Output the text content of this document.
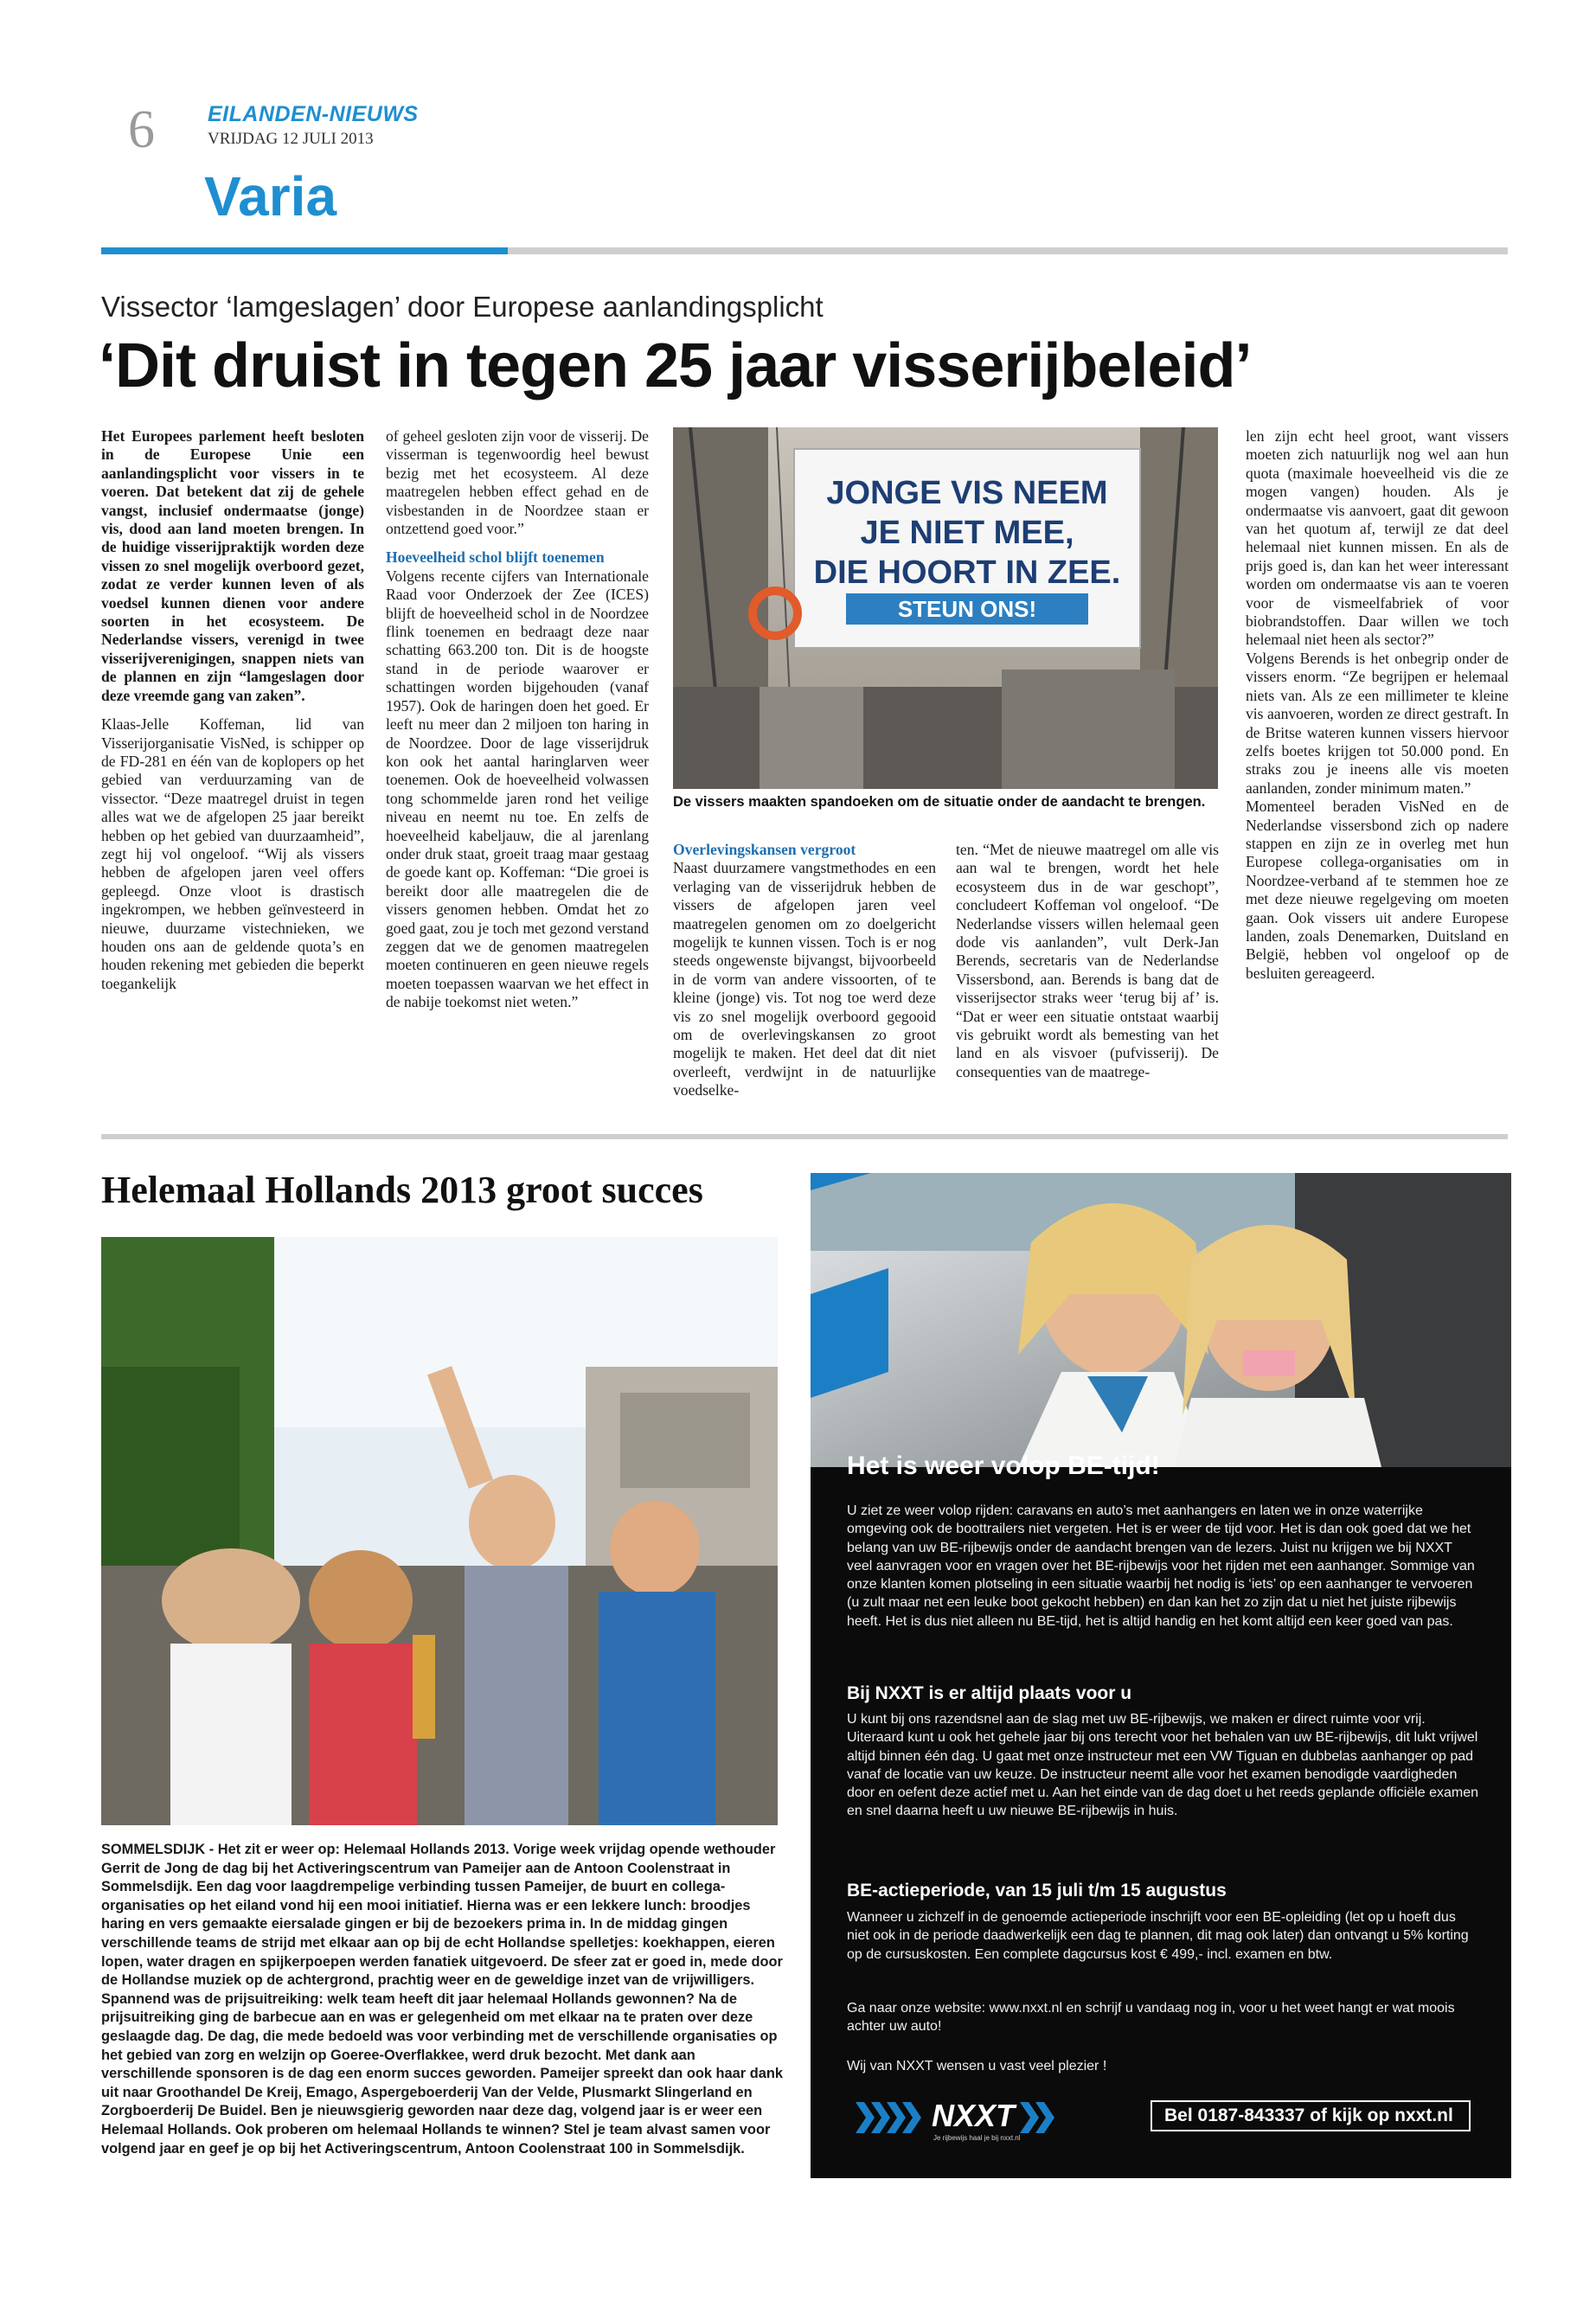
6 EILANDEN-NIEUWS
VRIJDAG 12 JULI 2013
Varia
Vissector ‘lamgeslagen’ door Europese aanlandingsplicht
‘Dit druist in tegen 25 jaar visserijbeleid’

Het Europees parlement heeft besloten in de Europese Unie een aanlandingsplicht voor vissers in te voeren. Dat betekent dat zij de gehele vangst, inclusief ondermaatse (jonge) vis, dood aan land moeten brengen. In de huidige visserijpraktijk worden deze vissen zo snel mogelijk overboord gezet, zodat ze verder kunnen leven of als voedsel kunnen dienen voor andere soorten in het ecosysteem. De Nederlandse vissers, verenigd in twee visserijverenigingen, snappen niets van de plannen en zijn “lamgeslagen door deze vreemde gang van zaken”.

Klaas-Jelle Koffeman, lid van Visserijorganisatie VisNed, is schipper op de FD-281 en één van de koplopers op het gebied van verduurzaming van de vissector. “Deze maatregel druist in tegen alles wat we de afgelopen 25 jaar bereikt hebben op het gebied van duurzaamheid”, zegt hij vol ongeloof. “Wij als vissers hebben de afgelopen jaren veel offers gepleegd. Onze vloot is drastisch ingekrompen, we hebben geïnvesteerd in nieuwe, duurzame vistechnieken, we houden ons aan de geldende quota’s en houden rekening met gebieden die beperkt toegankelijk

of geheel gesloten zijn voor de visserij. De visserman is tegenwoordig heel bewust bezig met het ecosysteem. Al deze maatregelen hebben effect gehad en de visbestanden in de Noordzee staan er ontzettend goed voor.”

Hoeveelheid schol blijft toenemen

Volgens recente cijfers van Internationale Raad voor Onderzoek der Zee (ICES) blijft de hoeveelheid schol in de Noordzee flink toenemen en bedraagt deze naar schatting 663.200 ton. Dit is de hoogste stand in de periode waarover er schattingen worden bijgehouden (vanaf 1957). Ook de haringen doen het goed. Er leeft nu meer dan 2 miljoen ton haring in de Noordzee. Door de lage visserijdruk kon ook het aantal haringlarven weer toenemen. Ook de hoeveelheid volwassen tong schommelde jaren rond het veilige niveau en neemt nu toe. En zelfs de hoeveelheid kabeljauw, die al jarenlang onder druk staat, groeit traag maar gestaag de goede kant op. Koffeman: “Die groei is bereikt door alle maatregelen die de vissers genomen hebben. Omdat het zo goed gaat, zou je toch met gezond verstand zeggen dat we de genomen maatregelen moeten continueren en geen nieuwe regels moeten toepassen waarvan we het effect in de nabije toekomst niet weten.”

JONGE VIS NEEM
JE NIET MEE,
DIE HOORT IN ZEE.
STEUN ONS!
De vissers maakten spandoeken om de situatie onder de aandacht te brengen.

Overlevingskansen vergroot

Naast duurzamere vangstmethodes en een verlaging van de visserijdruk hebben de vissers de afgelopen jaren veel maatregelen genomen om zo doelgericht mogelijk te kunnen vissen. Toch is er nog steeds ongewenste bijvangst, bijvoorbeeld in de vorm van andere vissoorten, of te kleine (jonge) vis. Tot nog toe werd deze vis zo snel mogelijk overboord gegooid om de overlevingskansen zo groot mogelijk te maken. Het deel dat dit niet overleeft, verdwijnt in de natuurlijke voedselke-

ten. “Met de nieuwe maatregel om alle vis aan wal te brengen, wordt het hele ecosysteem dus in de war geschopt”, concludeert Koffeman vol ongeloof. “De Nederlandse vissers willen helemaal geen dode vis aanlanden”, vult Derk-Jan Berends, secretaris van de Nederlandse Vissersbond, aan. Berends is bang dat de visserijsector straks weer ‘terug bij af’ is. “Dat er weer een situatie ontstaat waarbij vis gebruikt wordt als bemesting van het land en als visvoer (pufvisserij). De consequenties van de maatrege-

len zijn echt heel groot, want vissers moeten zich natuurlijk nog wel aan hun quota (maximale hoeveelheid vis die ze mogen vangen) houden. Als je ondermaatse vis aanvoert, gaat dit gewoon van het quotum af, terwijl ze dat deel helemaal niet kunnen missen. En als de prijs goed is, dan kan het weer interessant worden om ondermaatse vis aan te voeren voor de vismeelfabriek of voor biobrandstoffen. Daar willen we toch helemaal niet heen als sector?”

Volgens Berends is het onbegrip onder de vissers enorm. “Ze begrijpen er helemaal niets van. Als ze een millimeter te kleine vis aanvoeren, worden ze direct gestraft. In de Britse wateren kunnen vissers hiervoor zelfs boetes krijgen tot 50.000 pond. En straks zou je ineens alle vis moeten aanlanden, zonder minimum maten.”

Momenteel beraden VisNed en de Nederlandse vissersbond zich op nadere stappen en zijn ze in overleg met hun Europese collega-organisaties om in Noordzee-verband af te stemmen hoe ze met deze nieuwe regelgeving om moeten gaan. Ook vissers uit andere Europese landen, zoals Denemarken, Duitsland en België, hebben vol ongeloof op de besluiten gereageerd.

Helemaal Hollands 2013 groot succes
SOMMELSDIJK - Het zit er weer op: Helemaal Hollands 2013. Vorige week vrijdag opende wethouder Gerrit de Jong de dag bij het Activeringscentrum van Pameijer aan de Antoon Coolenstraat in Sommelsdijk. Een dag voor laagdrempelige verbinding tussen Pameijer, de buurt en collega-organisaties op het eiland vond hij een mooi initiatief. Hierna was er een lekkere lunch: broodjes haring en vers gemaakte eiersalade gingen er bij de bezoekers prima in. In de middag gingen verschillende teams de strijd met elkaar aan op bij de echt Hollandse spelletjes: koekhappen, eieren lopen, water dragen en spijkerpoepen werden fanatiek uitgevoerd. De sfeer zat er goed in, mede door de Hollandse muziek op de achtergrond, prachtig weer en de geweldige inzet van de vrijwilligers. Spannend was de prijsuitreiking: welk team heeft dit jaar helemaal Hollands gewonnen? Na de prijsuitreiking ging de barbecue aan en was er gelegenheid om met elkaar na te praten over deze geslaagde dag. De dag, die mede bedoeld was voor verbinding met de verschillende organisaties op het gebied van zorg en welzijn op Goeree-Overflakkee, werd druk bezocht. Met dank aan verschillende sponsoren is de dag een enorm succes geworden. Pameijer spreekt dan ook haar dank uit naar Groothandel De Kreij, Emago, Aspergeboerderij Van der Velde, Plusmarkt Slingerland en Zorgboerderij De Buidel. Ben je nieuwsgierig geworden naar deze dag, volgend jaar is er weer een Helemaal Hollands. Ook proberen om helemaal Hollands te winnen? Stel je team alvast samen voor volgend jaar en geef je op bij het Activeringscentrum, Antoon Coolenstraat 100 in Sommelsdijk.
Het is weer volop BE-tijd!
U ziet ze weer volop rijden: caravans en auto’s met aanhangers en laten we in onze waterrijke omgeving ook de boottrailers niet vergeten. Het is er weer de tijd voor. Het is dan ook goed dat we het belang van uw BE-rijbewijs onder de aandacht brengen van de lezers. Juist nu krijgen we bij NXXT veel aanvragen voor en vragen over het BE-rijbewijs voor het rijden met een aanhanger. Sommige van onze klanten komen plotseling in een situatie waarbij het nodig is ‘iets’ op een aanhanger te vervoeren (u zult maar net een leuke boot gekocht hebben) en dan kan het zo zijn dat u niet het juiste rijbewijs heeft. Het is dus niet alleen nu BE-tijd, het is altijd handig en het komt altijd een keer goed van pas.
Bij NXXT is er altijd plaats voor u
U kunt bij ons razendsnel aan de slag met uw BE-rijbewijs, we maken er direct ruimte voor vrij. Uiteraard kunt u ook het gehele jaar bij ons terecht voor het behalen van uw BE-rijbewijs, dit lukt vrijwel altijd binnen één dag. U gaat met onze instructeur met een VW Tiguan en dubbelas aanhanger op pad vanaf de locatie van uw keuze. De instructeur neemt alle voor het examen benodigde vaardigheden door en oefent deze actief met u. Aan het einde van de dag doet u het reeds geplande officiële examen en snel daarna heeft u uw nieuwe BE-rijbewijs in huis.
BE-actieperiode, van 15 juli t/m 15 augustus
Wanneer u zichzelf in de genoemde actieperiode inschrijft voor een BE-opleiding (let op u hoeft dus niet ook in de periode daadwerkelijk een dag te plannen, dit mag ook later) dan ontvangt u 5% korting op de cursuskosten. Een complete dagcursus kost € 499,- incl. examen en btw.
Ga naar onze website: www.nxxt.nl en schrijf u vandaag nog in, voor u het weet hangt er wat moois achter uw auto!
Wij van NXXT wensen u vast veel plezier !
NXXT
Je rijbewijs haal je bij nxxt.nl
Bel 0187-843337 of kijk op nxxt.nl
